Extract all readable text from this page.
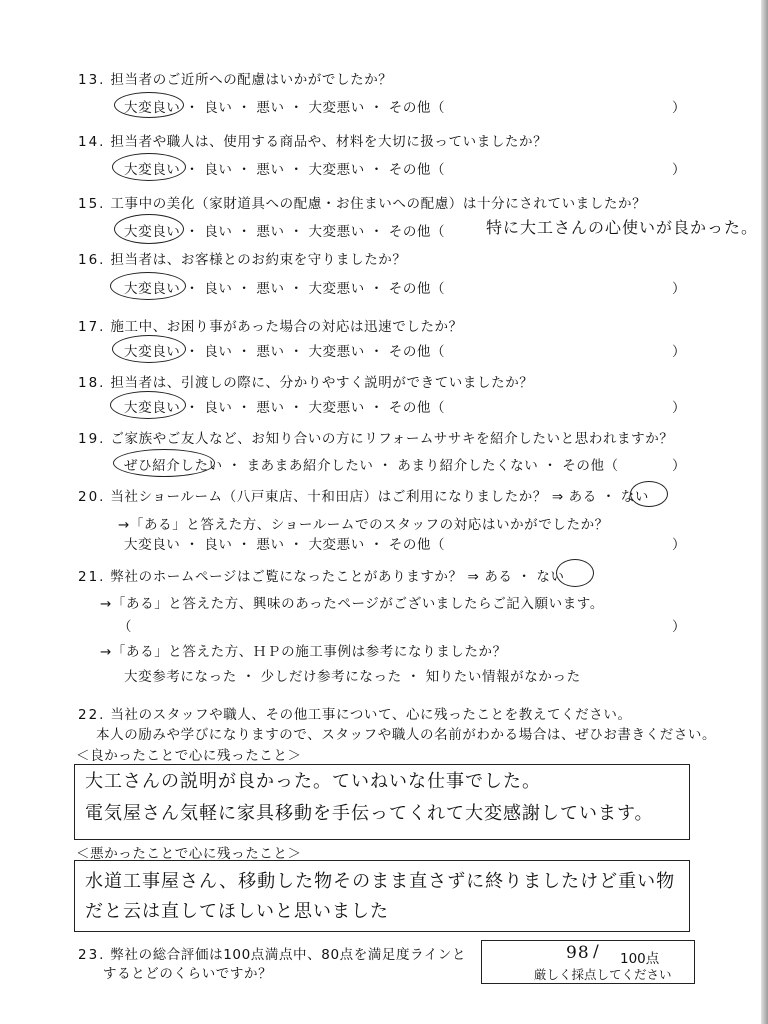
13. 担当者のご近所への配慮はいかがでしたか？
大変良い ・ 良い ・ 悪い ・ 大変悪い ・ その他（	）
14. 担当者や職人は、使用する商品や、材料を大切に扱っていましたか？
大変良い ・ 良い ・ 悪い ・ 大変悪い ・ その他（	）
15. 工事中の美化（家財道具への配慮・お住まいへの配慮）は十分にされていましたか？
大変良い ・ 良い ・ 悪い ・ 大変悪い ・ その他（	特に大工さんの心使いが良かった。
16. 担当者は、お客様とのお約束を守りましたか？
大変良い ・ 良い ・ 悪い ・ 大変悪い ・ その他（	）
17. 施工中、お困り事があった場合の対応は迅速でしたか？
大変良い ・ 良い ・ 悪い ・ 大変悪い ・ その他（	）
18. 担当者は、引渡しの際に、分かりやすく説明ができていましたか？
大変良い ・ 良い ・ 悪い ・ 大変悪い ・ その他（	）
19. ご家族やご友人など、お知り合いの方にリフォームササキを紹介したいと思われますか？
ぜひ紹介したい ・ まあまあ紹介したい ・ あまり紹介したくない ・ その他（	）
20. 当社ショールーム（八戸東店、十和田店）はご利用になりましたか？ ⇒ ある ・ ない
→「ある」と答えた方、ショールームでのスタッフの対応はいかがでしたか？
大変良い ・ 良い ・ 悪い ・ 大変悪い ・ その他（	）
21. 弊社のホームページはご覧になったことがありますか？ ⇒ ある ・ ない
→「ある」と答えた方、興味のあったページがございましたらご記入願います。
（	）
→「ある」と答えた方、ＨＰの施工事例は参考になりましたか？
大変参考になった ・ 少しだけ参考になった ・ 知りたい情報がなかった
22. 当社のスタッフや職人、その他工事について、心に残ったことを教えてください。
本人の励みや学びになりますので、スタッフや職人の名前がわかる場合は、ぜひお書きください。
＜良かったことで心に残ったこと＞
大工さんの説明が良かった。ていねいな仕事でした。
電気屋さん気軽に家具移動を手伝ってくれて大変感謝しています。
＜悪かったことで心に残ったこと＞
水道工事屋さん、移動した物そのまま直さずに終りましたけど重い物
だと云は直してほしいと思いました
23. 弊社の総合評価は100点満点中、80点を満足度ラインと
するとどのくらいですか？
98 / 100点
厳しく採点してください
